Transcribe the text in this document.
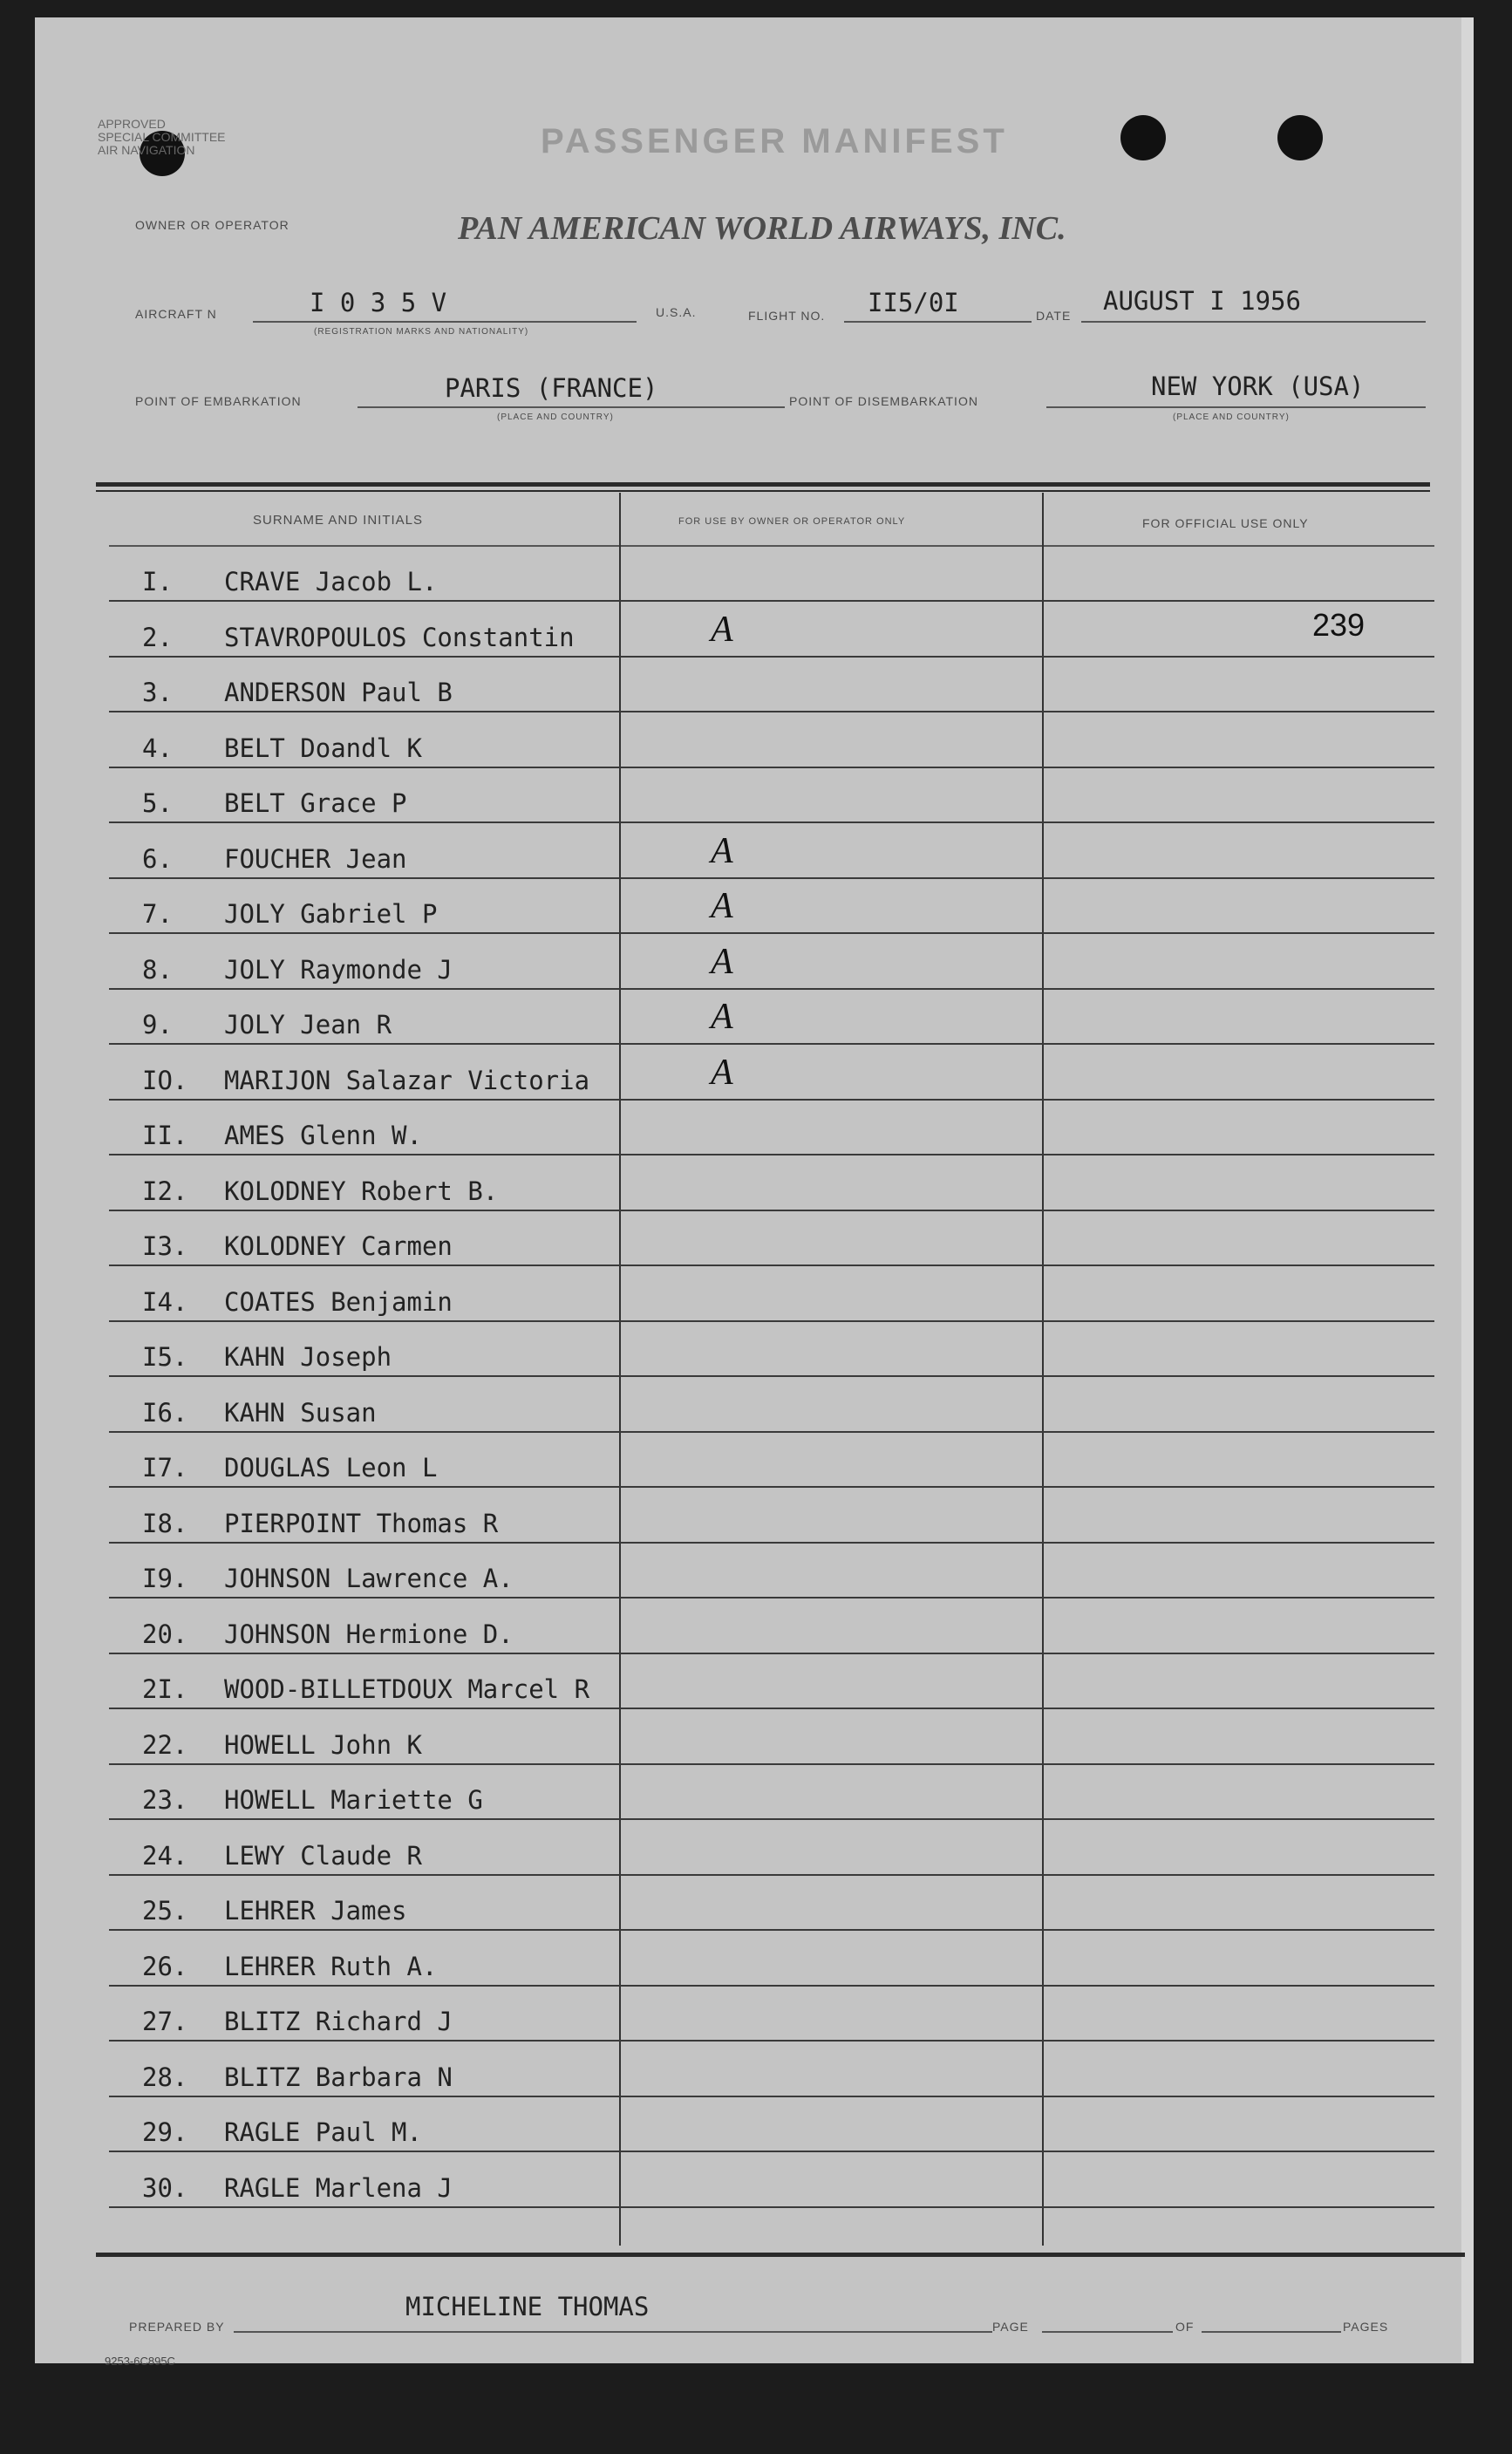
APPROVED
SPECIAL COMMITTEE
AIR NAVIGATION	PASSENGER MANIFEST
OWNER OR OPERATOR	PAN AMERICAN WORLD AIRWAYS, INC.
AIRCRAFT N	I 0 3 5 V
(REGISTRATION MARKS AND NATIONALITY)
U.S.A.	FLIGHT NO. II5/0I	DATE AUGUST I 1956
POINT OF EMBARKATION	PARIS (FRANCE)
(PLACE AND COUNTRY)
POINT OF DISEMBARKATION	NEW YORK (USA)
(PLACE AND COUNTRY)
SURNAME AND INITIALS	FOR USE BY OWNER OR OPERATOR ONLY	FOR OFFICIAL USE ONLY
I. CRAVE Jacob L.
2. STAVROPOULOS Constantin	A	239
3. ANDERSON Paul B
4. BELT Doandl K
5. BELT Grace P
6. FOUCHER Jean	A
7. JOLY Gabriel P	A
8. JOLY Raymonde J	A
9. JOLY Jean R	A
IO. MARIJON Salazar Victoria	A
II. AMES Glenn W.
I2. KOLODNEY Robert B.
I3. KOLODNEY Carmen
I4. COATES Benjamin
I5. KAHN Joseph
I6. KAHN Susan
I7. DOUGLAS Leon L
I8. PIERPOINT Thomas R
I9. JOHNSON Lawrence A.
20. JOHNSON Hermione D.
2I. WOOD-BILLETDOUX Marcel R
22. HOWELL John K
23. HOWELL Mariette G
24. LEWY Claude R
25. LEHRER James
26. LEHRER Ruth A.
27. BLITZ Richard J
28. BLITZ Barbara N
29. RAGLE Paul M.
30. RAGLE Marlena J
PREPARED BY
MICHELINE THOMAS
PAGE	OF	PAGES
9253-6C895C
